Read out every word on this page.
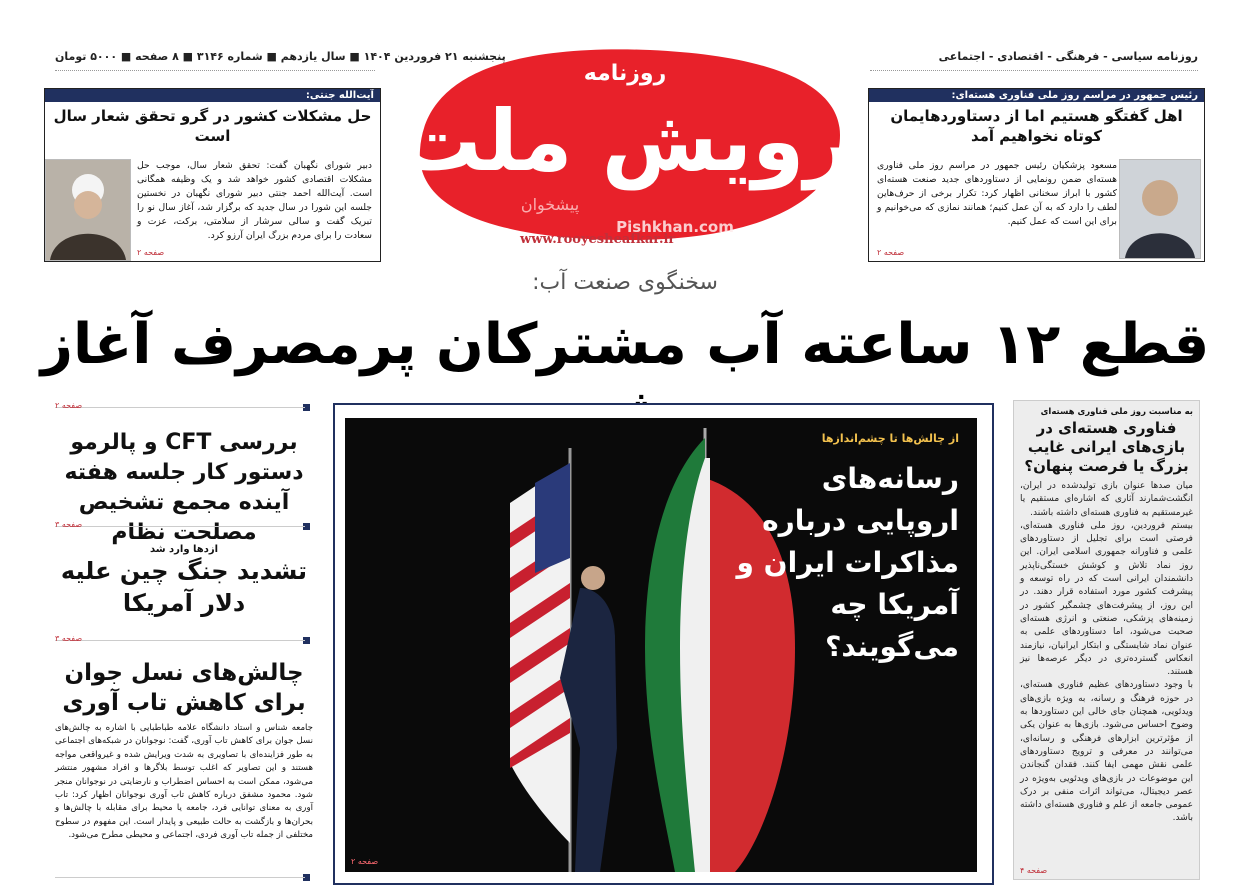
روزنامه سیاسی - فرهنگی - اقتصادی - اجتماعی
پنجشنبه ۲۱ فروردین ۱۴۰۴ ■ سال یازدهم ■ شماره ۳۱۴۶ ■ ۸ صفحه ■ ۵۰۰۰ تومان
روزنامه
رویش ملت
پیشخوان
Pishkhan.com
www.rooyesheafkar.ir
رئیس جمهور در مراسم روز ملی فناوری هسته‌ای:
اهل گفتگو هستیم اما از دستاوردهایمان کوتاه نخواهیم آمد

مسعود پزشکیان رئیس جمهور در مراسم روز ملی فناوری هسته‌ای ضمن رونمایی از دستاوردهای جدید صنعت هسته‌ای کشور با ابراز سخنانی اظهار کرد: تکرار برخی از حرف‌هاین لطف را دارد که به آن عمل کنیم؛ همانند نمازی که می‌خوانیم و برای این است که عمل کنیم.

صفحه ۲
آیت‌الله جنتی:
حل مشکلات کشور در گرو تحقق شعار سال است

دبیر شورای نگهبان گفت: تحقق شعار سال، موجب حل مشکلات اقتصادی کشور خواهد شد و یک وظیفه همگانی است. آیت‌الله احمد جنتی دبیر شورای نگهبان در نخستین جلسه این شورا در سال جدید که برگزار شد، آغاز سال نو را تبریک گفت و سالی سرشار از سلامتی، برکت، عزت و سعادت را برای مردم بزرگ ایران آرزو کرد.

صفحه ۲
سخنگوی صنعت آب:
قطع ۱۲ ساعته آب مشترکان پرمصرف آغاز
صفحه ۲
بررسی CFT و پالرمو دستور کار جلسه هفته آینده مجمع تشخیص مصلحت نظام
صفحه ۳
ازدها وارد شد
تشدید جنگ چین علیه دلار آمریکا
صفحه ۳
چالش‌های نسل جوان برای کاهش تاب آوری

جامعه شناس و استاد دانشگاه علامه طباطبایی با اشاره به چالش‌های نسل جوان برای کاهش تاب آوری، گفت: نوجوانان در شبکه‌های اجتماعی به طور فزاینده‌ای با تصاویری به شدت ویرایش شده و غیرواقعی مواجه هستند و این تصاویر که اغلب توسط بلاگرها و افراد مشهور منتشر می‌شود، ممکن است به احساس اضطراب و نارضایتی در نوجوانان منجر شود. محمود مشفق درباره کاهش تاب آوری نوجوانان اظهار کرد: تاب آوری به معنای توانایی فرد، جامعه یا محیط برای مقابله با چالش‌ها و بحران‌ها و بازگشت به حالت طبیعی و پایدار است. این مفهوم در سطوح مختلفی از جمله تاب آوری فردی، اجتماعی و محیطی مطرح می‌شود.

از چالش‌ها تا چشم‌اندازها
رسانه‌های اروپایی درباره مذاکرات ایران و آمریکا چه می‌گویند؟
صفحه ۲
به مناسبت روز ملی فناوری هسته‌ای
فناوری هسته‌ای در بازی‌های ایرانی غایب بزرگ یا فرصت پنهان؟

میان صدها عنوان بازی تولیدشده در ایران، انگشت‌شمارند آثاری که اشاره‌ای مستقیم یا غیرمستقیم به فناوری هسته‌ای داشته باشند.

بیستم فروردین، روز ملی فناوری هسته‌ای، فرصتی است برای تجلیل از دستاوردهای علمی و فناورانه جمهوری اسلامی ایران. این روز نماد تلاش و کوشش خستگی‌ناپذیر دانشمندان ایرانی است که در راه توسعه و پیشرفت کشور مورد استفاده قرار دهند. در این روز، از پیشرفت‌های چشمگیر کشور در زمینه‌های پزشکی، صنعتی و انرژی هسته‌ای صحبت می‌شود، اما دستاوردهای علمی به عنوان نماد شایستگی و ابتکار ایرانیان، نیازمند انعکاس گسترده‌تری در دیگر عرصه‌ها نیز هستند.

با وجود دستاوردهای عظیم فناوری هسته‌ای، در حوزه فرهنگ و رسانه، به ویژه بازی‌های ویدئویی، همچنان جای خالی این دستاوردها به وضوح احساس می‌شود. بازی‌ها به عنوان یکی از مؤثرترین ابزارهای فرهنگی و رسانه‌ای، می‌توانند در معرفی و ترویج دستاوردهای علمی نقش مهمی ایفا کنند. فقدان گنجاندن این موضوعات در بازی‌های ویدئویی به‌ویژه در عصر دیجیتال، می‌تواند اثرات منفی بر درک عمومی جامعه از علم و فناوری هسته‌ای داشته باشد.

صفحه ۴
